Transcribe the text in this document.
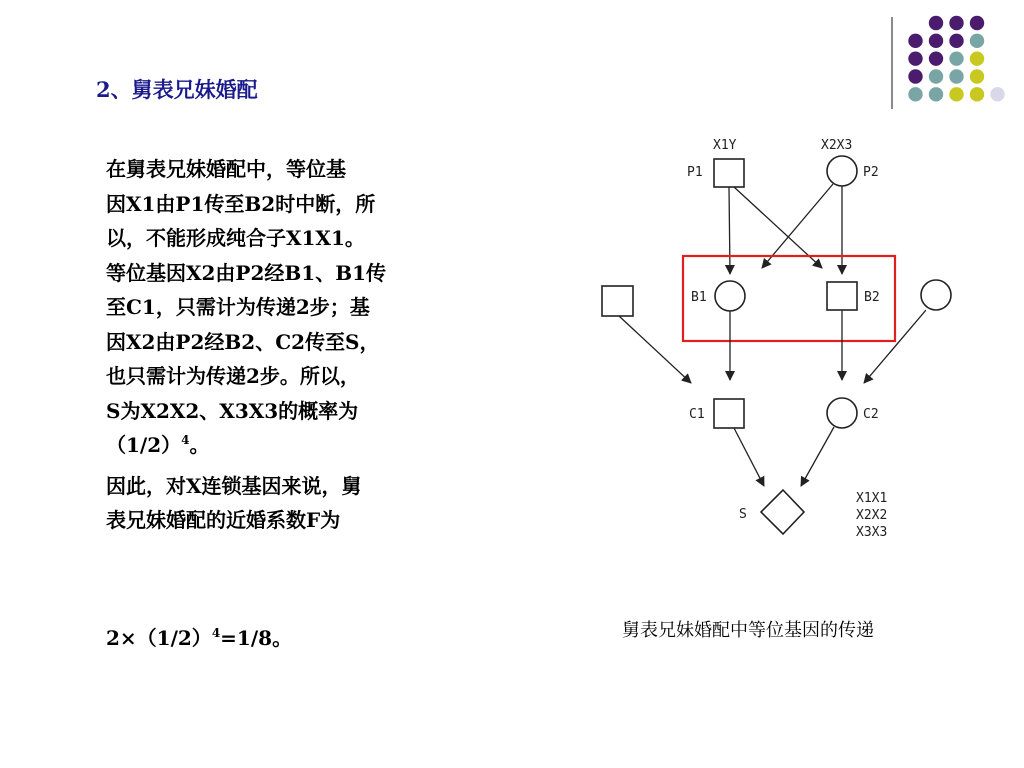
2、舅表兄妹婚配

在舅表兄妹婚配中，等位基

因X1由P1传至B2时中断，所

以，不能形成纯合子X1X1。

等位基因X2由P2经B1、B1传

至C1，只需计为传递2步；基

因X2由P2经B2、C2传至S，

也只需计为传递2步。所以，

S为X2X2、X3X3的概率为

$(1/2)^4$。

因此，对X连锁基因来说，舅

表兄妹婚配的近婚系数F为

$2\times(1/2)^4=1/8$。
X1Y	X2X3
P1	P2
B1	B2
C1	C2
S
X1X1
X2X2
X3X3
舅表兄妹婚配中等位基因的传递
